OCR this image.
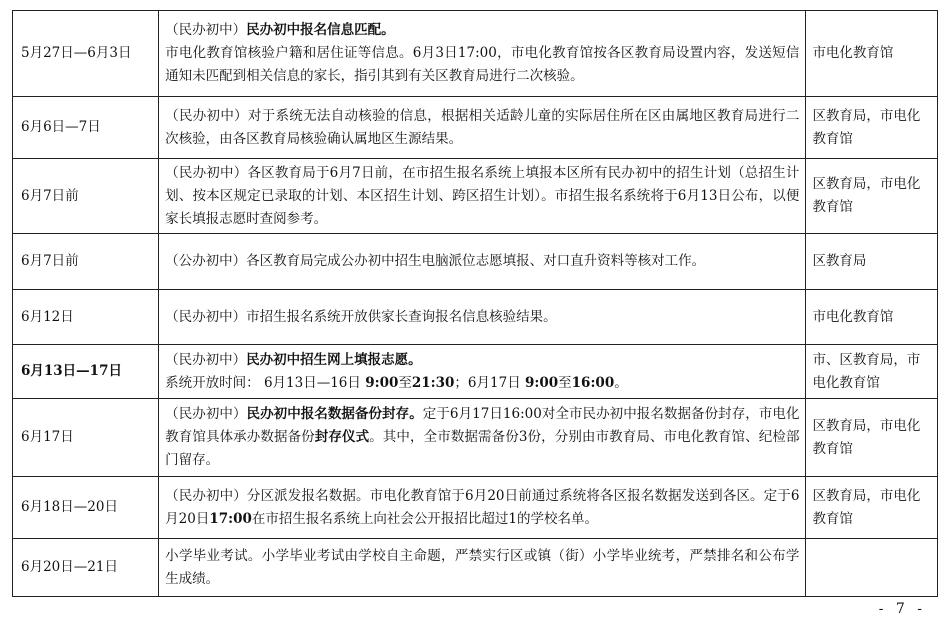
5月27日—6月3日	（民办初中）民办初中报名信息匹配。
市电化教育馆核验户籍和居住证等信息。6月3日17:00，市电化教育馆按各区教育局设置内容，发送短信通知未匹配到相关信息的家长，指引其到有关区教育局进行二次核验。	市电化教育馆
6月6日—7日	（民办初中）对于系统无法自动核验的信息，根据相关适龄儿童的实际居住所在区由属地区教育局进行二次核验，由各区教育局核验确认属地区生源结果。	区教育局，市电化教育馆
6月7日前	（民办初中）各区教育局于6月7日前，在市招生报名系统上填报本区所有民办初中的招生计划（总招生计划、按本区规定已录取的计划、本区招生计划、跨区招生计划）。市招生报名系统将于6月13日公布，以便家长填报志愿时查阅参考。	区教育局，市电化教育馆
6月7日前	（公办初中）各区教育局完成公办初中招生电脑派位志愿填报、对口直升资料等核对工作。	区教育局
6月12日	（民办初中）市招生报名系统开放供家长查询报名信息核验结果。	市电化教育馆
6月13日—17日	（民办初中）民办初中招生网上填报志愿。
系统开放时间： 6月13日—16日 9:00至21:30；6月17日 9:00至16:00。	市、区教育局，市电化教育馆
6月17日	（民办初中）民办初中报名数据备份封存。定于6月17日16:00对全市民办初中报名数据备份封存，市电化教育馆具体承办数据备份封存仪式。其中，全市数据需备份3份，分别由市教育局、市电化教育馆、纪检部门留存。	区教育局，市电化教育馆
6月18日—20日	（民办初中）分区派发报名数据。市电化教育馆于6月20日前通过系统将各区报名数据发送到各区。定于6月20日17:00在市招生报名系统上向社会公开报招比超过1的学校名单。	区教育局，市电化教育馆
6月20日—21日	小学毕业考试。小学毕业考试由学校自主命题，严禁实行区或镇（街）小学毕业统考，严禁排名和公布学生成绩。	
- 7 -
